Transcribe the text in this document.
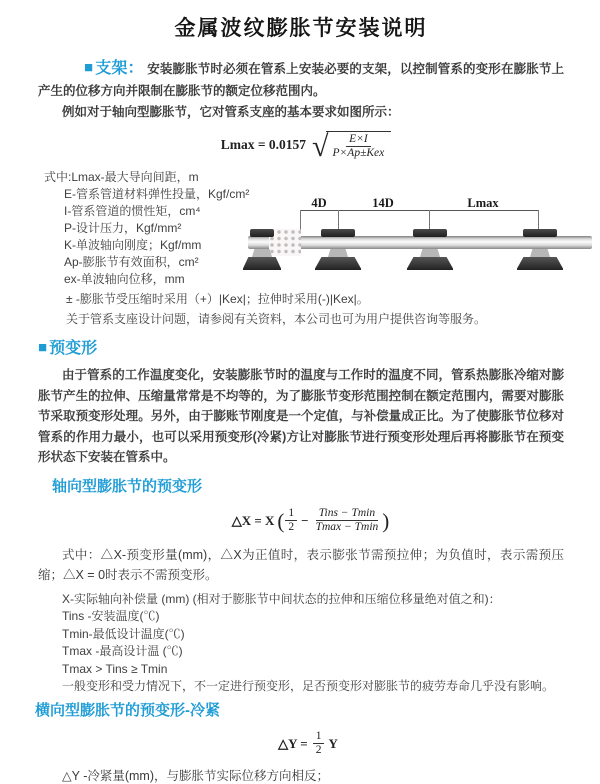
金属波纹膨胀节安装说明

■ 支架： 安装膨胀节时必须在管系上安装必要的支架，以控制管系的变形在膨胀节上产生的位移方向并限制在膨胀节的额定位移范围内。

例如对于轴向型膨胀节，它对管系支座的基本要求如图所示：

Lmax = 0.0157 √ $\frac{E\times I}{\text{P×Ap±Kex}}$
式中:Lmax-最大导向间距，m
E-管系管道材料弹性投量，Kgf/cm²
I-管系管道的惯性矩，cm⁴
P-设计压力，Kgf/mm²
K-单波轴向刚度；Kgf/mm
Ap-膨胀节有效面积，cm²
ex-单波轴向位移，mm
± -膨胀节受压缩时采用（+）|Kex|；拉伸时采用(-)|Kex|。
关于管系支座设计问题，请参阅有关资料，本公司也可为用户提供咨询等服务。
■ 预变形

由于管系的工作温度变化，安装膨胀节时的温度与工作时的温度不同，管系热膨胀冷缩对膨胀节产生的拉伸、压缩量常常是不均等的，为了膨胀节变形范围控制在额定范围内，需要对膨胀节采取预变形处理。另外，由于膨账节刚度是一个定值，与补偿量成正比。为了使膨胀节位移对管系的作用力最小，也可以采用预变形(冷紧)方让对膨胀节进行预变形处理后再将膨胀节在预变形状态下安装在管系中。

轴向型膨胀节的预变形
△X = X ( $\frac{1}{2} - \frac{\text{Tins − Tmin}}{Tmax - Tmin}$ )

式中：△X-预变形量(mm)，△X为正值时，表示膨张节需预拉伸；为负值时，表示需预压缩；△X = 0时表示不需预变形。

X-实际轴向补偿量 (mm) (相对于膨胀节中间状态的拉伸和压缩位移量绝对值之和)：
Tins -安装温度(℃)
Tmin-最低设计温度(℃)
Tmax -最高设计温 (℃)
Tmax > Tins ≥ Tmin
一般变形和受力情况下，不一定进行预变形，足否预变形对膨胀节的疲劳寿命几乎没有影响。
横向型膨胀节的预变形-冷紧
△Y = $\frac{1}{2}$ Y

△Y -冷紧量(mm)，与膨胀节实际位移方向相反；

4D	14D	Lmax
